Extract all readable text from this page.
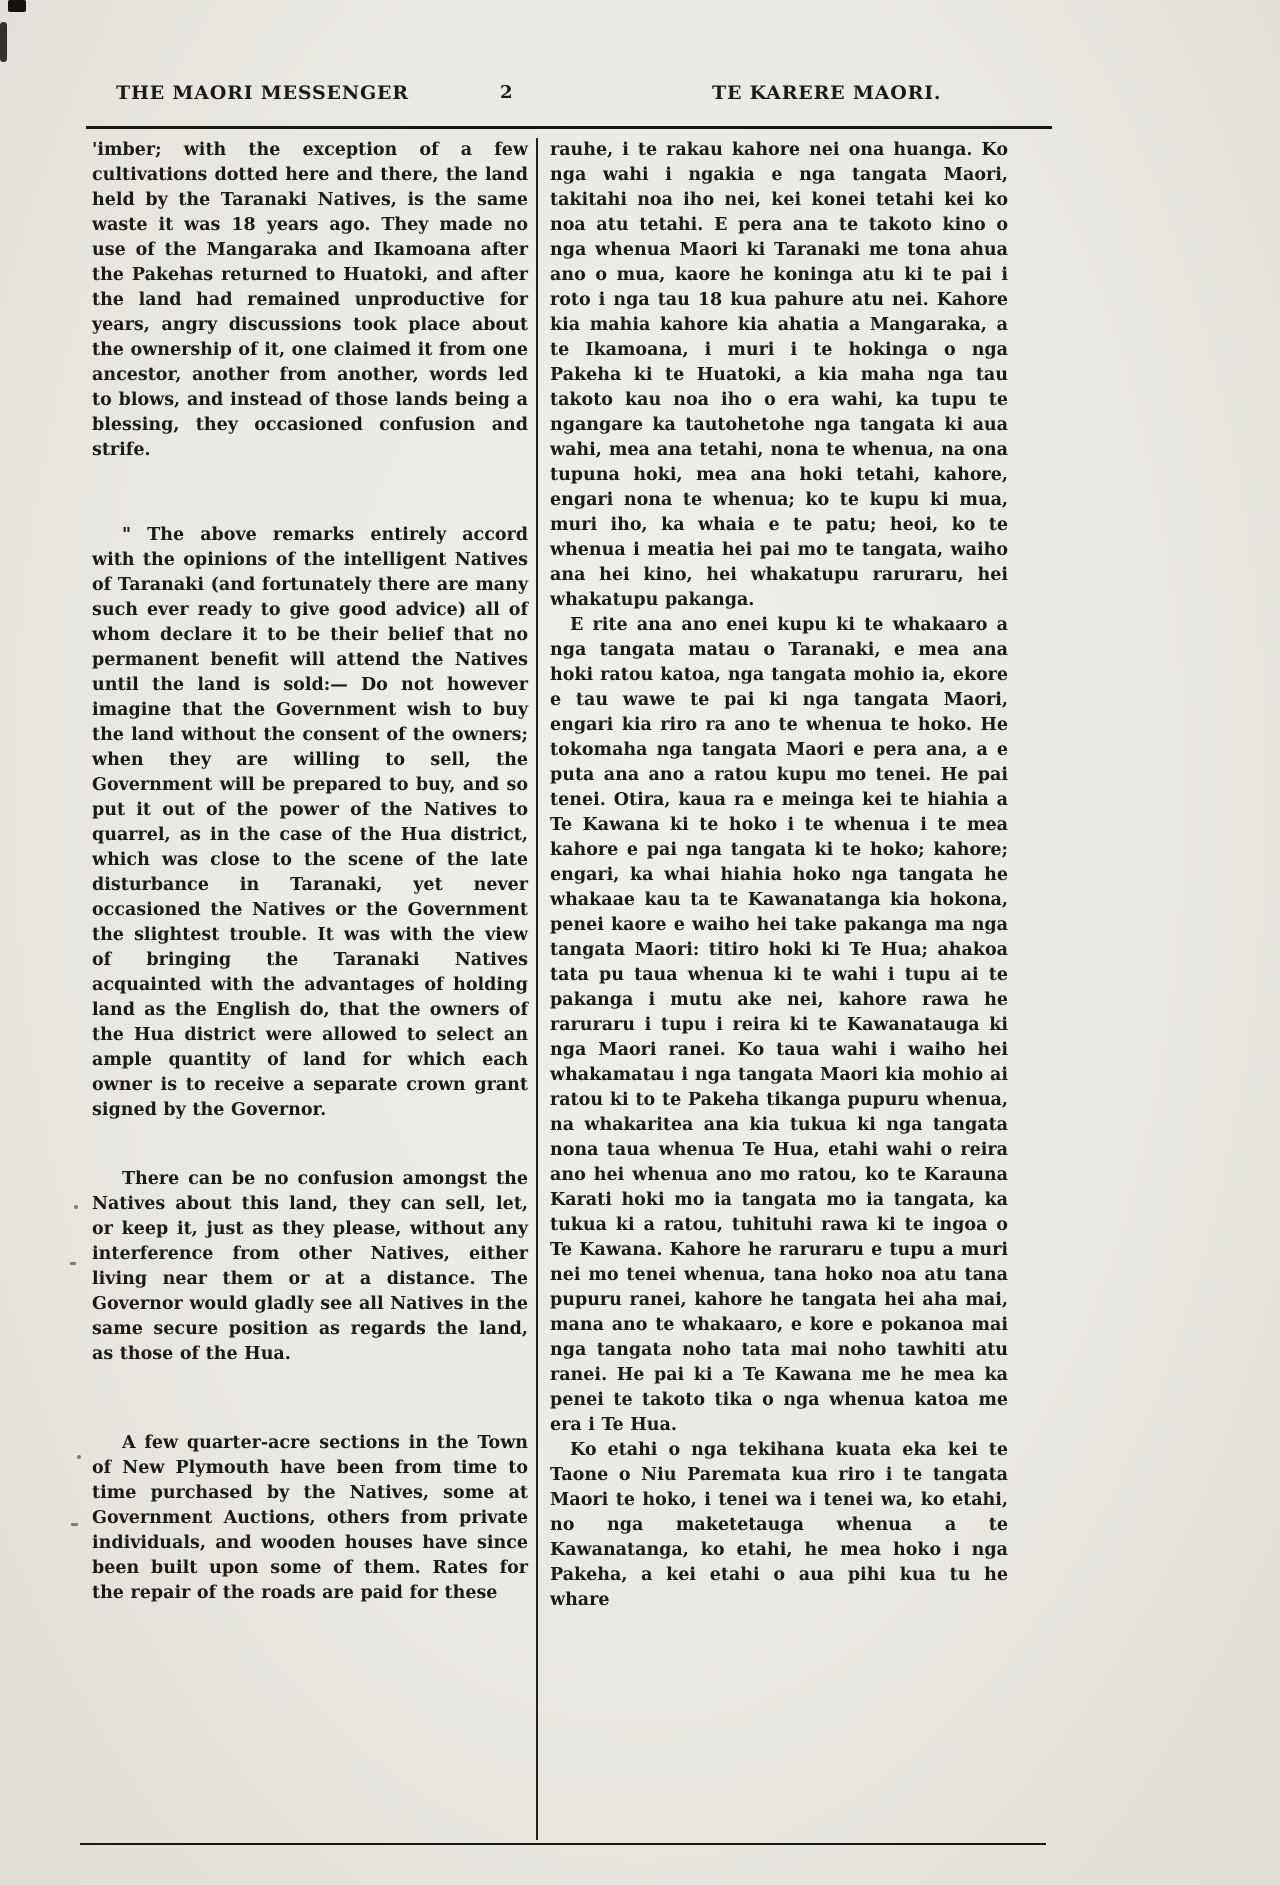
THE MAORI MESSENGER	2	TE KARERE MAORI.

'imber; with the exception of a few cultivations dotted here and there, the land held by the Taranaki Natives, is the same waste it was 18 years ago. They made no use of the Mangaraka and Ikamoana after the Pakehas returned to Huatoki, and after the land had remained unproductive for years, angry discussions took place about the ownership of it, one claimed it from one ancestor, another from another, words led to blows, and instead of those lands being a blessing, they occasioned confusion and strife.

" The above remarks entirely accord with the opinions of the intelligent Natives of Taranaki (and fortunately there are many such ever ready to give good advice) all of whom declare it to be their belief that no permanent benefit will attend the Natives until the land is sold:— Do not however imagine that the Government wish to buy the land without the consent of the owners; when they are willing to sell, the Government will be prepared to buy, and so put it out of the power of the Natives to quarrel, as in the case of the Hua district, which was close to the scene of the late disturbance in Taranaki, yet never occasioned the Natives or the Government the slightest trouble. It was with the view of bringing the Taranaki Natives acquainted with the advantages of holding land as the English do, that the owners of the Hua district were allowed to select an ample quantity of land for which each owner is to receive a separate crown grant signed by the Governor.

There can be no confusion amongst the Natives about this land, they can sell, let, or keep it, just as they please, without any interference from other Natives, either living near them or at a distance. The Governor would gladly see all Natives in the same secure position as regards the land, as those of the Hua.

A few quarter-acre sections in the Town of New Plymouth have been from time to time purchased by the Natives, some at Government Auctions, others from private individuals, and wooden houses have since been built upon some of them. Rates for the repair of the roads are paid for these

rauhe, i te rakau kahore nei ona huanga. Ko nga wahi i ngakia e nga tangata Maori, takitahi noa iho nei, kei konei tetahi kei ko noa atu tetahi. E pera ana te takoto kino o nga whenua Maori ki Taranaki me tona ahua ano o mua, kaore he koninga atu ki te pai i roto i nga tau 18 kua pahure atu nei. Kahore kia mahia kahore kia ahatia a Mangaraka, a te Ikamoana, i muri i te hokinga o nga Pakeha ki te Huatoki, a kia maha nga tau takoto kau noa iho o era wahi, ka tupu te ngangare ka tautohetohe nga tangata ki aua wahi, mea ana tetahi, nona te whenua, na ona tupuna hoki, mea ana hoki tetahi, kahore, engari nona te whenua; ko te kupu ki mua, muri iho, ka whaia e te patu; heoi, ko te whenua i meatia hei pai mo te tangata, waiho ana hei kino, hei whakatupu raruraru, hei whakatupu pakanga.

E rite ana ano enei kupu ki te whakaaro a nga tangata matau o Taranaki, e mea ana hoki ratou katoa, nga tangata mohio ia, ekore e tau wawe te pai ki nga tangata Maori, engari kia riro ra ano te whenua te hoko. He tokomaha nga tangata Maori e pera ana, a e puta ana ano a ratou kupu mo tenei. He pai tenei. Otira, kaua ra e meinga kei te hiahia a Te Kawana ki te hoko i te whenua i te mea kahore e pai nga tangata ki te hoko; kahore; engari, ka whai hiahia hoko nga tangata he whakaae kau ta te Kawanatanga kia hokona, penei kaore e waiho hei take pakanga ma nga tangata Maori: titiro hoki ki Te Hua; ahakoa tata pu taua whenua ki te wahi i tupu ai te pakanga i mutu ake nei, kahore rawa he raruraru i tupu i reira ki te Kawanatauga ki nga Maori ranei. Ko taua wahi i waiho hei whakamatau i nga tangata Maori kia mohio ai ratou ki to te Pakeha tikanga pupuru whenua, na whakaritea ana kia tukua ki nga tangata nona taua whenua Te Hua, etahi wahi o reira ano hei whenua ano mo ratou, ko te Karauna Karati hoki mo ia tangata mo ia tangata, ka tukua ki a ratou, tuhituhi rawa ki te ingoa o Te Kawana. Kahore he raruraru e tupu a muri nei mo tenei whenua, tana hoko noa atu tana pupuru ranei, kahore he tangata hei aha mai, mana ano te whakaaro, e kore e pokanoa mai nga tangata noho tata mai noho tawhiti atu ranei. He pai ki a Te Kawana me he mea ka penei te takoto tika o nga whenua katoa me era i Te Hua.

Ko etahi o nga tekihana kuata eka kei te Taone o Niu Paremata kua riro i te tangata Maori te hoko, i tenei wa i tenei wa, ko etahi, no nga maketetauga whenua a te Kawanatanga, ko etahi, he mea hoko i nga Pakeha, a kei etahi o aua pihi kua tu he whare
